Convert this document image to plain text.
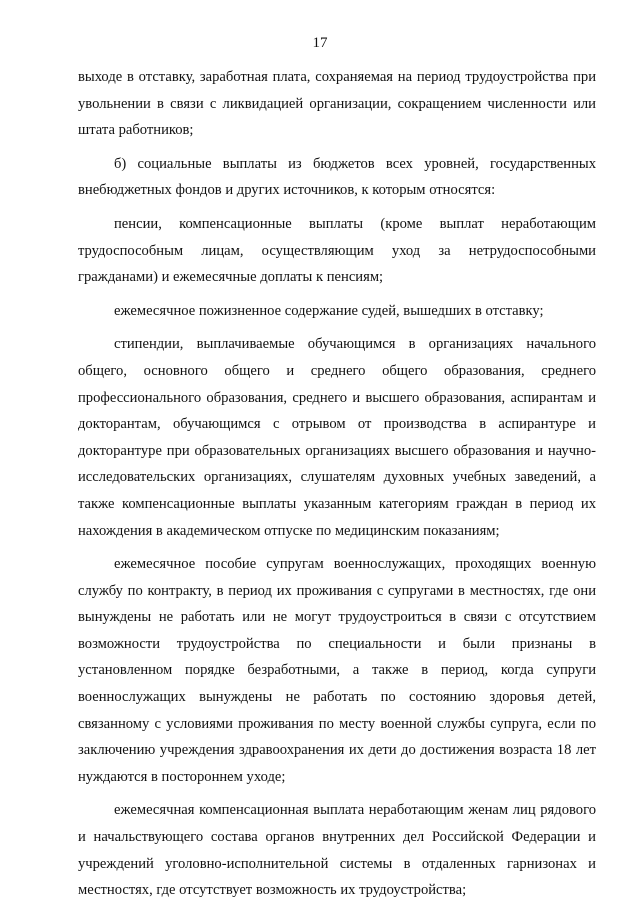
17

выходе в отставку, заработная плата, сохраняемая на период трудоустройства при увольнении в связи с ликвидацией организации, сокращением численности или штата работников;

б) социальные выплаты из бюджетов всех уровней, государственных внебюджетных фондов и других источников, к которым относятся:

пенсии, компенсационные выплаты (кроме выплат неработающим трудоспособным лицам, осуществляющим уход за нетрудоспособными гражданами) и ежемесячные доплаты к пенсиям;

ежемесячное пожизненное содержание судей, вышедших в отставку;

стипендии, выплачиваемые обучающимся в организациях начального общего, основного общего и среднего общего образования, среднего профессионального образования, среднего и высшего образования, аспирантам и докторантам, обучающимся с отрывом от производства в аспирантуре и докторантуре при образовательных организациях высшего образования и научно-исследовательских организациях, слушателям духовных учебных заведений, а также компенсационные выплаты указанным категориям граждан в период их нахождения в академическом отпуске по медицинским показаниям;

ежемесячное пособие супругам военнослужащих, проходящих военную службу по контракту, в период их проживания с супругами в местностях, где они вынуждены не работать или не могут трудоустроиться в связи с отсутствием возможности трудоустройства по специальности и были признаны в установленном порядке безработными, а также в период, когда супруги военнослужащих вынуждены не работать по состоянию здоровья детей, связанному с условиями проживания по месту военной службы супруга, если по заключению учреждения здравоохранения их дети до достижения возраста 18 лет нуждаются в постороннем уходе;

ежемесячная компенсационная выплата неработающим женам лиц рядового и начальствующего состава органов внутренних дел Российской Федерации и учреждений уголовно-исполнительной системы в отдаленных гарнизонах и местностях, где отсутствует возможность их трудоустройства;
